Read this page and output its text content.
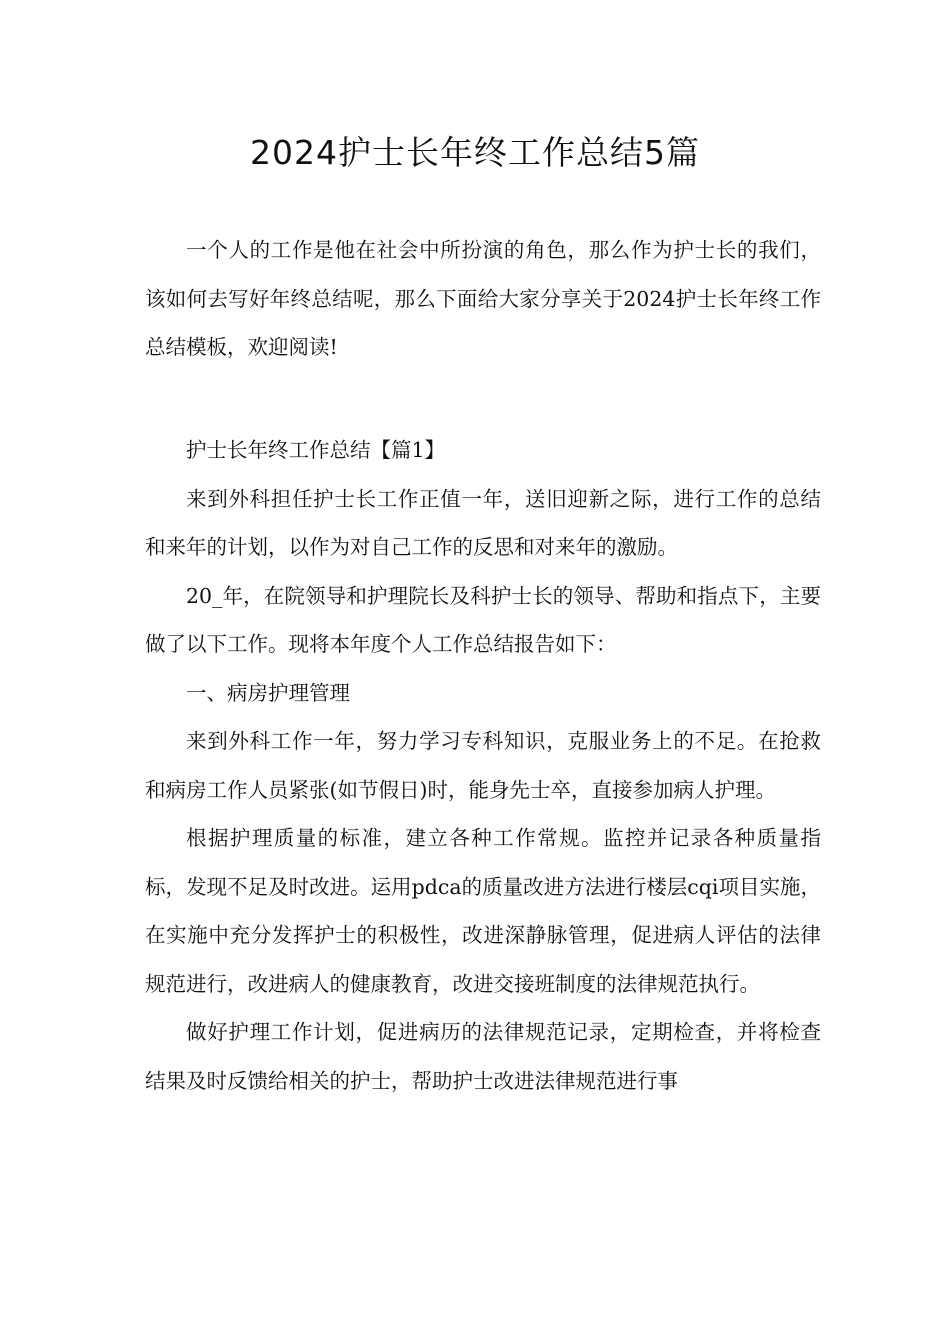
2024护士长年终工作总结5篇

一个人的工作是他在社会中所扮演的角色，那么作为护士长的我们，该如何去写好年终总结呢，那么下面给大家分享关于2024护士长年终工作总结模板，欢迎阅读!

护士长年终工作总结【篇1】

来到外科担任护士长工作正值一年，送旧迎新之际，进行工作的总结和来年的计划，以作为对自己工作的反思和对来年的激励。

20_年，在院领导和护理院长及科护士长的领导、帮助和指点下，主要做了以下工作。现将本年度个人工作总结报告如下：

一、病房护理管理

来到外科工作一年，努力学习专科知识，克服业务上的不足。在抢救和病房工作人员紧张(如节假日)时，能身先士卒，直接参加病人护理。

根据护理质量的标准，建立各种工作常规。监控并记录各种质量指标，发现不足及时改进。运用pdca的质量改进方法进行楼层cqi项目实施，在实施中充分发挥护士的积极性，改进深静脉管理，促进病人评估的法律规范进行，改进病人的健康教育，改进交接班制度的法律规范执行。

做好护理工作计划，促进病历的法律规范记录，定期检查，并将检查结果及时反馈给相关的护士，帮助护士改进法律规范进行事
